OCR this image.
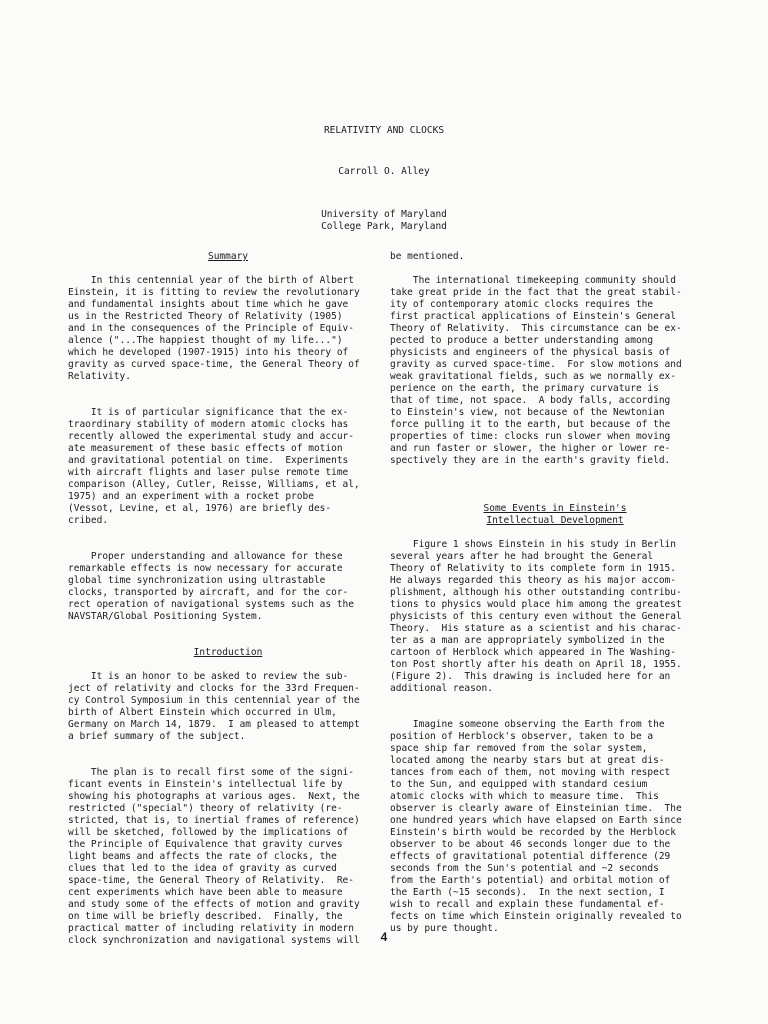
RELATIVITY AND CLOCKS
Carroll O. Alley
University of Maryland
College Park, Maryland

Summary

In this centennial year of the birth of Albert

Einstein, it is fitting to review the revolutionary

and fundamental insights about time which he gave

us in the Restricted Theory of Relativity (1905)

and in the consequences of the Principle of Equiv-

alence ("...The happiest thought of my life...")

which he developed (1907-1915) into his theory of

gravity as curved space-time, the General Theory of

Relativity.

It is of particular significance that the ex-

traordinary stability of modern atomic clocks has

recently allowed the experimental study and accur-

ate measurement of these basic effects of motion

and gravitational potential on time.  Experiments

with aircraft flights and laser pulse remote time

comparison (Alley, Cutler, Reisse, Williams, et al,

1975) and an experiment with a rocket probe

(Vessot, Levine, et al, 1976) are briefly des-

cribed.

Proper understanding and allowance for these

remarkable effects is now necessary for accurate

global time synchronization using ultrastable

clocks, transported by aircraft, and for the cor-

rect operation of navigational systems such as the

NAVSTAR/Global Positioning System.

Introduction

It is an honor to be asked to review the sub-

ject of relativity and clocks for the 33rd Frequen-

cy Control Symposium in this centennial year of the

birth of Albert Einstein which occurred in Ulm,

Germany on March 14, 1879.  I am pleased to attempt

a brief summary of the subject.

The plan is to recall first some of the signi-

ficant events in Einstein's intellectual life by

showing his photographs at various ages.  Next, the

restricted ("special") theory of relativity (re-

stricted, that is, to inertial frames of reference)

will be sketched, followed by the implications of

the Principle of Equivalence that gravity curves

light beams and affects the rate of clocks, the

clues that led to the idea of gravity as curved

space-time, the General Theory of Relativity.  Re-

cent experiments which have been able to measure

and study some of the effects of motion and gravity

on time will be briefly described.  Finally, the

practical matter of including relativity in modern

clock synchronization and navigational systems will

be mentioned.

The international timekeeping community should

take great pride in the fact that the great stabil-

ity of contemporary atomic clocks requires the

first practical applications of Einstein's General

Theory of Relativity.  This circumstance can be ex-

pected to produce a better understanding among

physicists and engineers of the physical basis of

gravity as curved space-time.  For slow motions and

weak gravitational fields, such as we normally ex-

perience on the earth, the primary curvature is

that of time, not space.  A body falls, according

to Einstein's view, not because of the Newtonian

force pulling it to the earth, but because of the

properties of time: clocks run slower when moving

and run faster or slower, the higher or lower re-

spectively they are in the earth's gravity field.

Some Events in Einstein's

Intellectual Development

Figure 1 shows Einstein in his study in Berlin

several years after he had brought the General

Theory of Relativity to its complete form in 1915.

He always regarded this theory as his major accom-

plishment, although his other outstanding contribu-

tions to physics would place him among the greatest

physicists of this century even without the General

Theory.  His stature as a scientist and his charac-

ter as a man are appropriately symbolized in the

cartoon of Herblock which appeared in The Washing-

ton Post shortly after his death on April 18, 1955.

(Figure 2).  This drawing is included here for an

additional reason.

Imagine someone observing the Earth from the

position of Herblock's observer, taken to be a

space ship far removed from the solar system,

located among the nearby stars but at great dis-

tances from each of them, not moving with respect

to the Sun, and equipped with standard cesium

atomic clocks with which to measure time.  This

observer is clearly aware of Einsteinian time.  The

one hundred years which have elapsed on Earth since

Einstein's birth would be recorded by the Herblock

observer to be about 46 seconds longer due to the

effects of gravitational potential difference (29

seconds from the Sun's potential and ~2 seconds

from the Earth's potential) and orbital motion of

the Earth (~15 seconds).  In the next section, I

wish to recall and explain these fundamental ef-

fects on time which Einstein originally revealed to

us by pure thought.

4
